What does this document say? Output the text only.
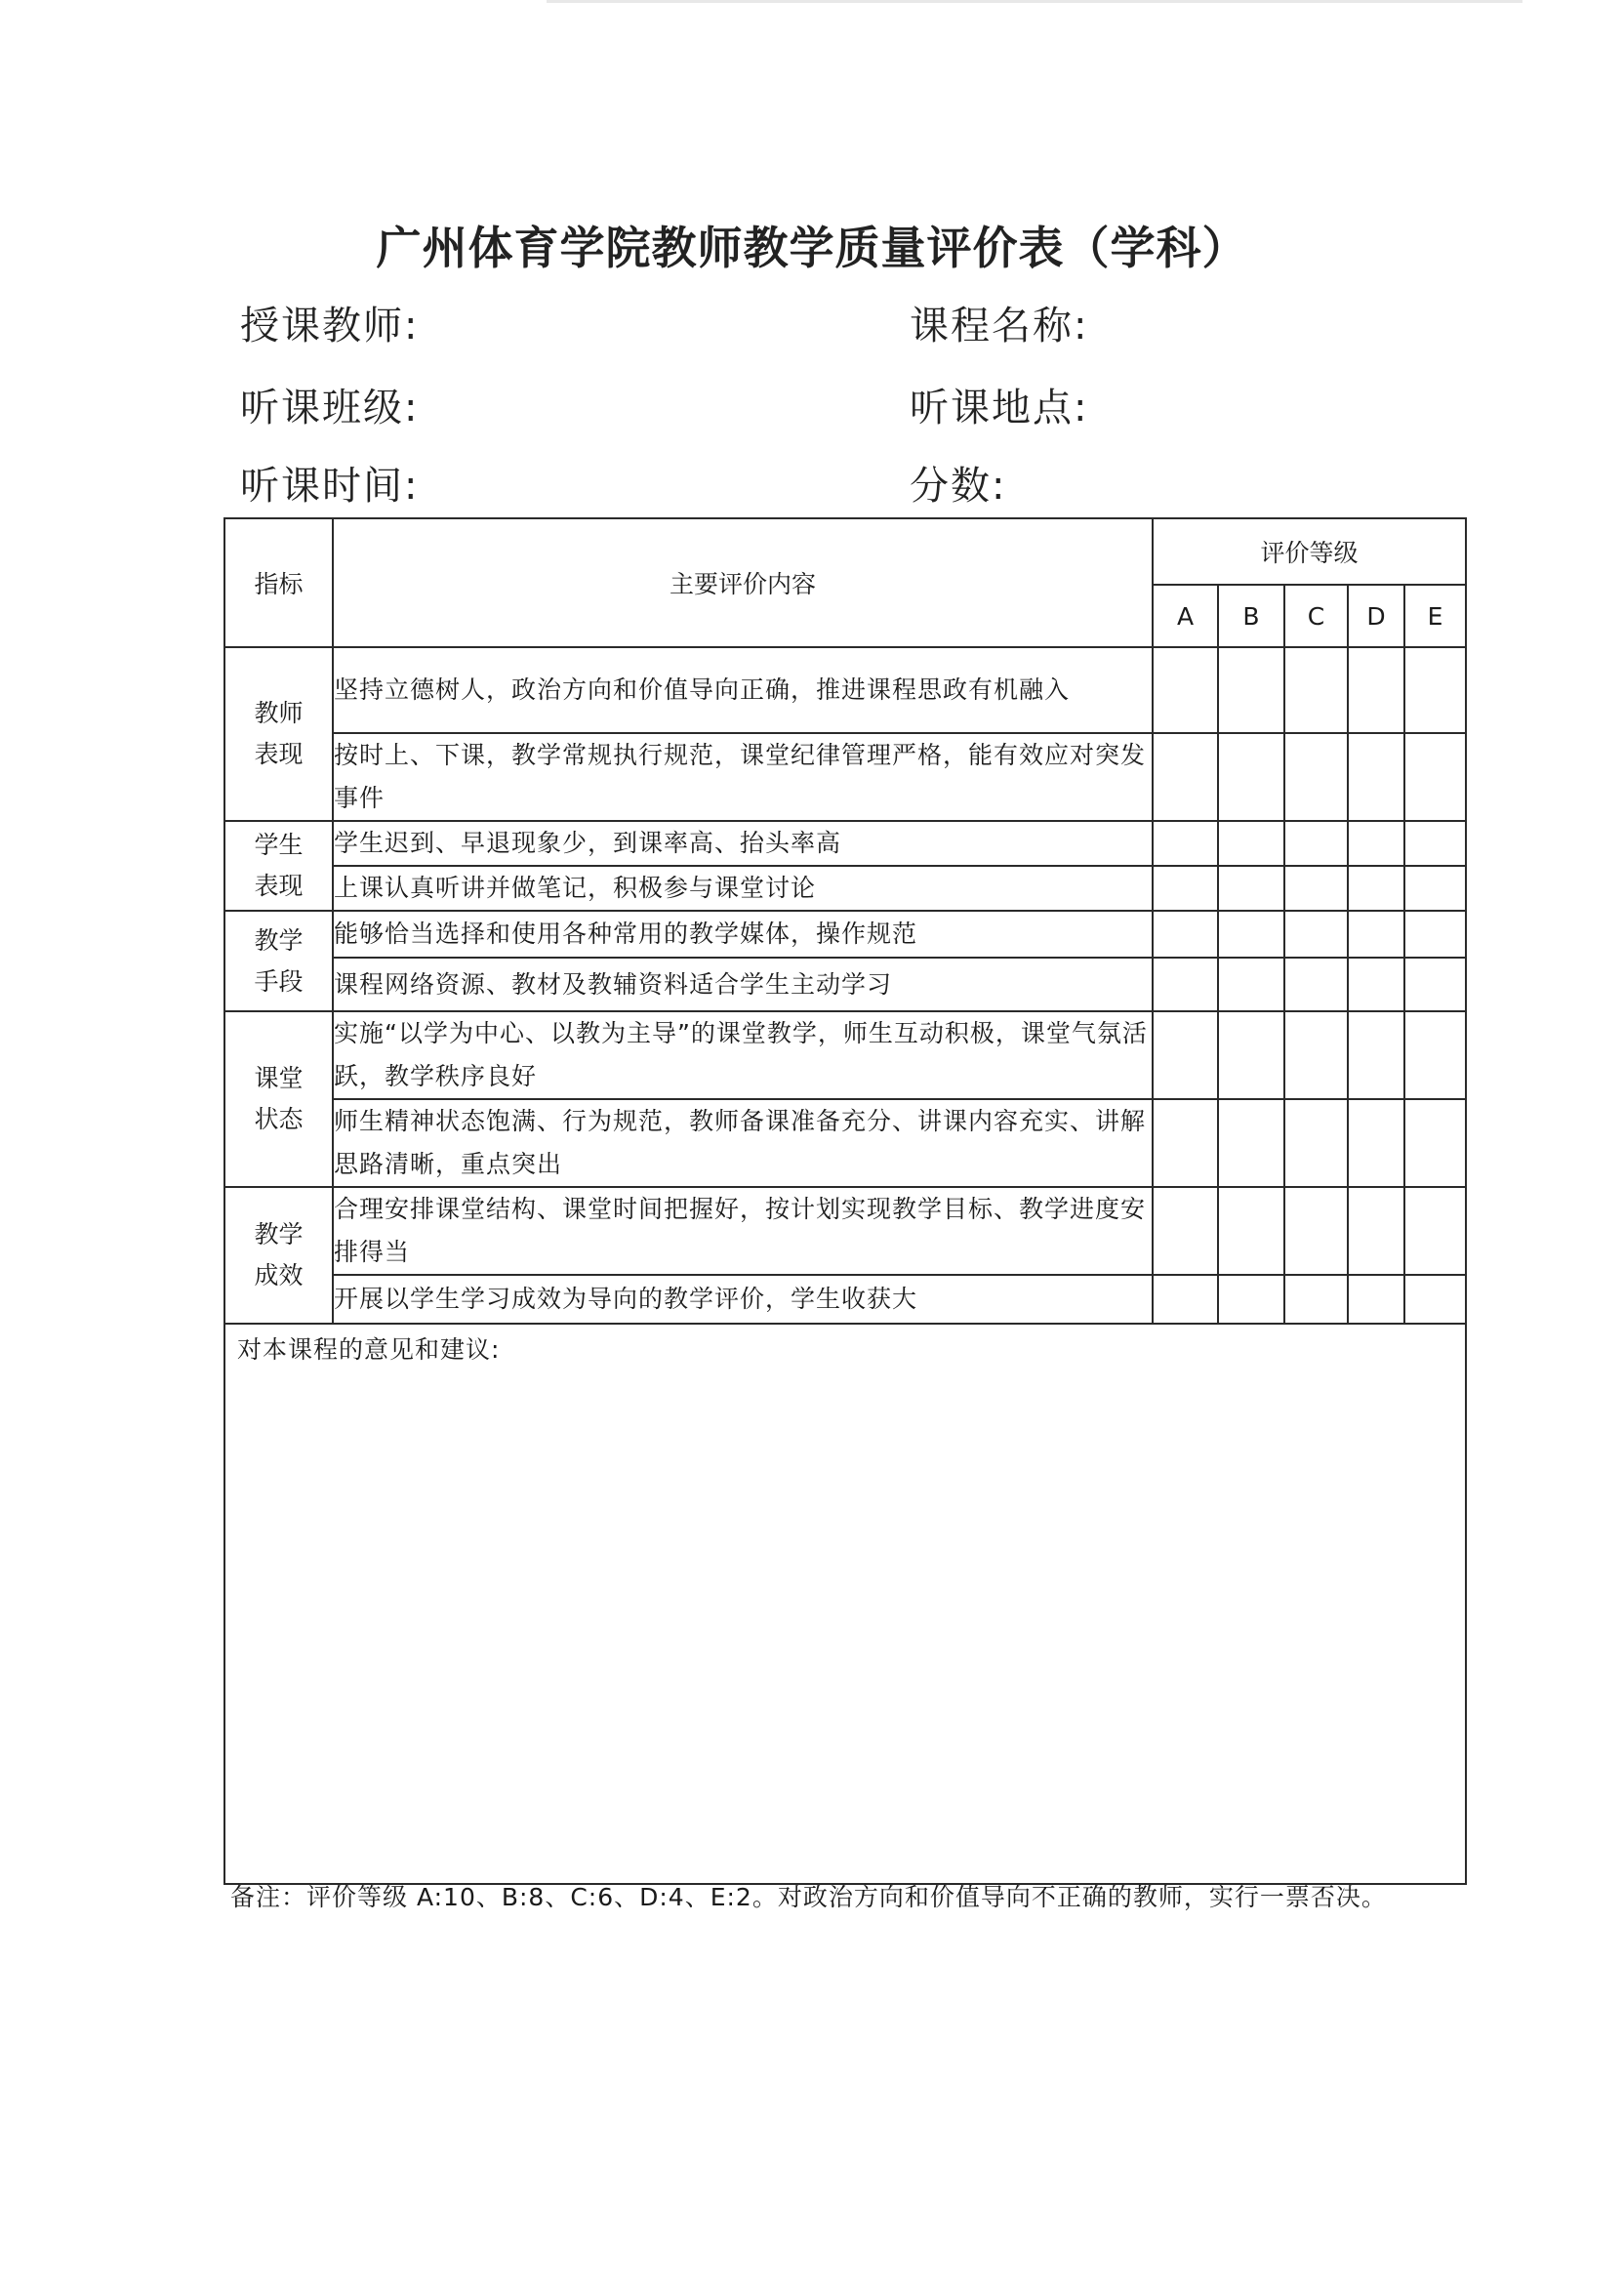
广州体育学院教师教学质量评价表（学科）
授课教师:	课程名称:
听课班级:	听课地点:
听课时间:	分数:
指标	主要评价内容	评价等级				
		A	B	C	D	E
教师
表现	坚持立德树人，政治方向和价值导向正确，推进课程思政有机融入					
	按时上、下课，教学常规执行规范，课堂纪律管理严格，能有效应对突发事件					
学生
表现	学生迟到、早退现象少，到课率高、抬头率高					
	上课认真听讲并做笔记，积极参与课堂讨论					
教学
手段	能够恰当选择和使用各种常用的教学媒体，操作规范					
	课程网络资源、教材及教辅资料适合学生主动学习					
课堂
状态	实施“以学为中心、以教为主导”的课堂教学，师生互动积极，课堂气氛活跃，教学秩序良好					
	师生精神状态饱满、行为规范，教师备课准备充分、讲课内容充实、讲解思路清晰，重点突出					
教学
成效	合理安排课堂结构、课堂时间把握好，按计划实现教学目标、教学进度安排得当					
	开展以学生学习成效为导向的教学评价，学生收获大					

对本课程的意见和建议:						
备注：评价等级 A:10、B:8、C:6、D:4、E:2。对政治方向和价值导向不正确的教师，实行一票否决。
